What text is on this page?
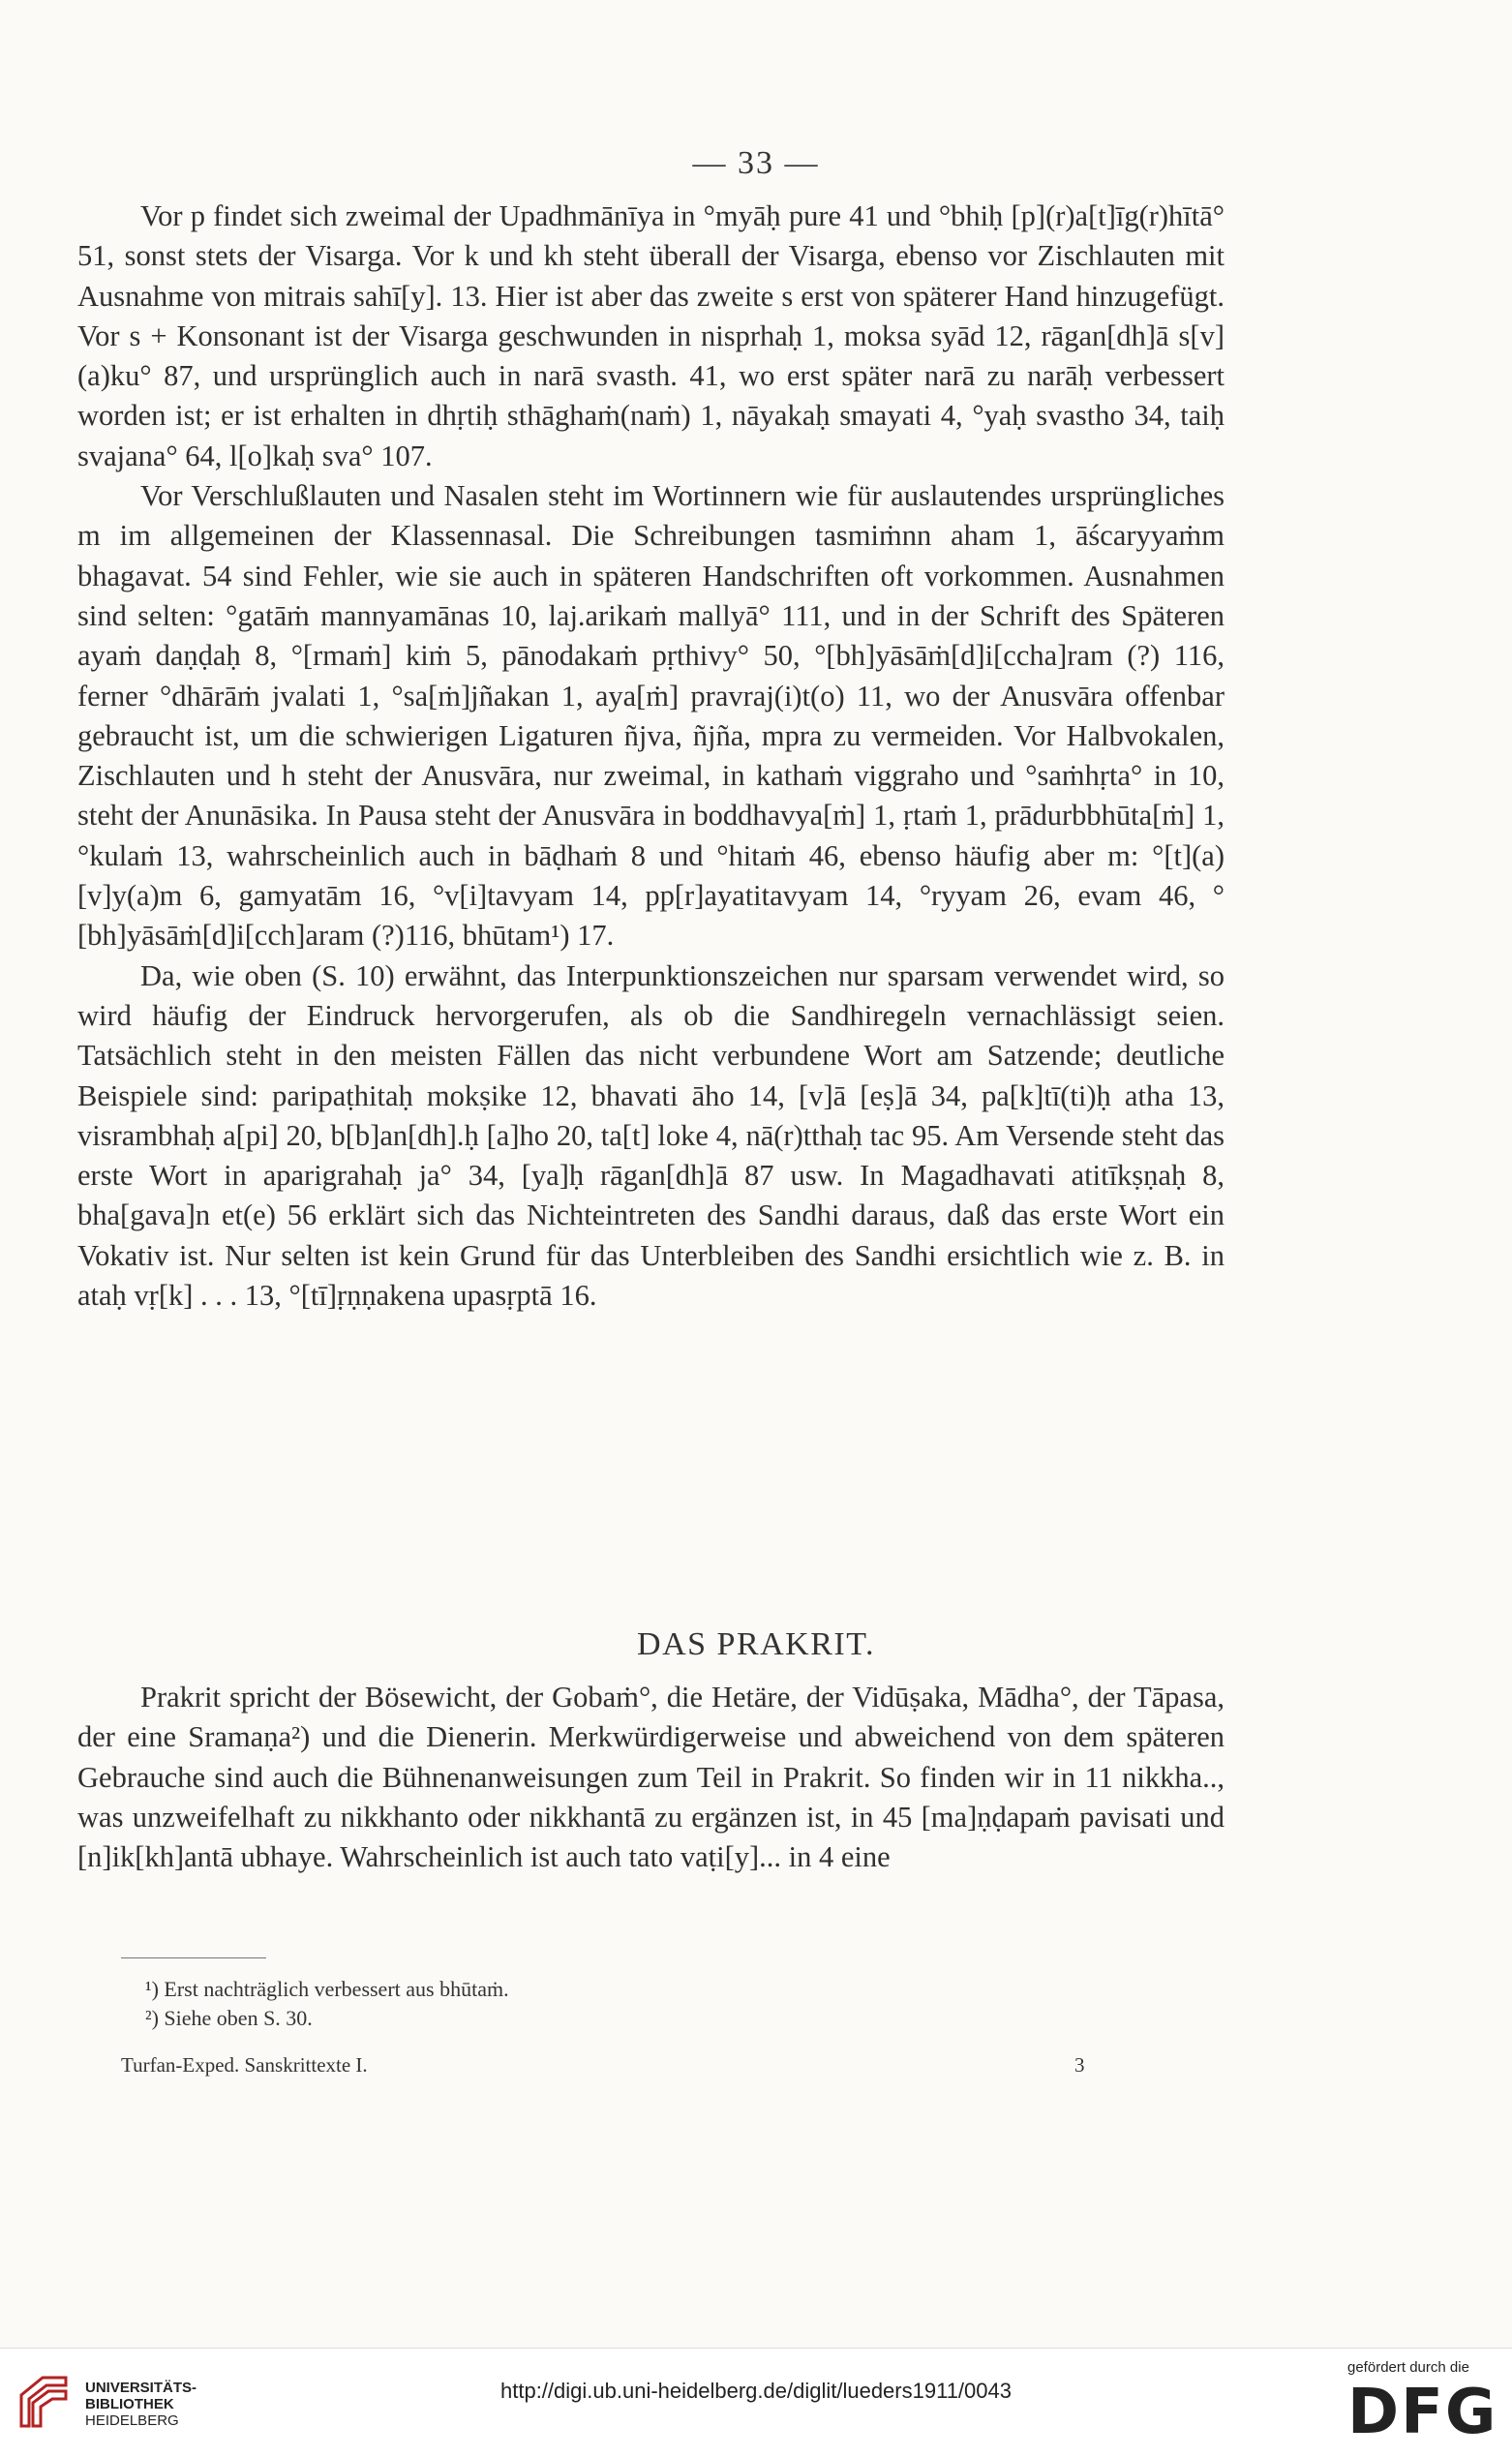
— 33 —

Vor p findet sich zweimal der Upadhmānīya in °myāḥ pure 41 und °bhiḥ [p](r)a[t]īg(r)hītā° 51, sonst stets der Visarga. Vor k und kh steht überall der Visarga, ebenso vor Zischlauten mit Ausnahme von mitrais sahī[y]. 13. Hier ist aber das zweite s erst von späterer Hand hinzugefügt. Vor s + Konsonant ist der Visarga geschwunden in nisprhaḥ 1, moksa syād 12, rāgan[dh]ā s[v](a)ku° 87, und ursprünglich auch in narā svasth. 41, wo erst später narā zu narāḥ verbessert worden ist; er ist erhalten in dhṛtiḥ sthāghaṁ(naṁ) 1, nāyakaḥ smayati 4, °yaḥ svastho 34, taiḥ svajana° 64, l[o]kaḥ sva° 107.

Vor Verschlußlauten und Nasalen steht im Wortinnern wie für auslautendes ursprüngliches m im allgemeinen der Klassennasal. Die Schreibungen tasmiṁnn aham 1, āścaryyaṁm bhagavat. 54 sind Fehler, wie sie auch in späteren Handschriften oft vorkommen. Ausnahmen sind selten: °gatāṁ mannyamānas 10, laj.arikaṁ mallyā° 111, und in der Schrift des Späteren ayaṁ daṇḍaḥ 8, °[rmaṁ] kiṁ 5, pānodakaṁ pṛthivy° 50, °[bh]yāsāṁ[d]i[ccha]ram (?) 116, ferner °dhārāṁ jvalati 1, °sa[ṁ]jñakan 1, aya[ṁ] pravraj(i)t(o) 11, wo der Anusvāra offenbar gebraucht ist, um die schwierigen Ligaturen ñjva, ñjña, mpra zu vermeiden. Vor Halbvokalen, Zischlauten und h steht der Anusvāra, nur zweimal, in kathaṁ viggraho und °saṁhṛta° in 10, steht der Anunāsika. In Pausa steht der Anusvāra in boddhavya[ṁ] 1, ṛtaṁ 1, prādurbbhūta[ṁ] 1, °kulaṁ 13, wahrscheinlich auch in bāḍhaṁ 8 und °hitaṁ 46, ebenso häufig aber m: °[t](a)[v]y(a)m 6, gamyatām 16, °v[i]tavyam 14, pp[r]ayatitavyam 14, °ryyam 26, evam 46, °[bh]yāsāṁ[d]i[cch]aram (?)116, bhūtam¹) 17.

Da, wie oben (S. 10) erwähnt, das Interpunktionszeichen nur sparsam verwendet wird, so wird häufig der Eindruck hervorgerufen, als ob die Sandhiregeln vernachlässigt seien. Tatsächlich steht in den meisten Fällen das nicht verbundene Wort am Satzende; deutliche Beispiele sind: paripaṭhitaḥ mokṣike 12, bhavati āho 14, [v]ā [eṣ]ā 34, pa[k]tī(ti)ḥ atha 13, visrambhaḥ a[pi] 20, b[b]an[dh].ḥ [a]ho 20, ta[t] loke 4, nā(r)tthaḥ tac 95. Am Versende steht das erste Wort in aparigrahaḥ ja° 34, [ya]ḥ rāgan[dh]ā 87 usw. In Magadhavati atitīkṣṇaḥ 8, bha[gava]n et(e) 56 erklärt sich das Nichteintreten des Sandhi daraus, daß das erste Wort ein Vokativ ist. Nur selten ist kein Grund für das Unterbleiben des Sandhi ersichtlich wie z. B. in ataḥ vṛ[k] . . . 13, °[tī]ṛṇṇakena upasṛptā 16.

DAS PRAKRIT.

Prakrit spricht der Bösewicht, der Gobaṁ°, die Hetäre, der Vidūṣaka, Mādha°, der Tāpasa, der eine Sramaṇa²) und die Dienerin. Merkwürdigerweise und abweichend von dem späteren Gebrauche sind auch die Bühnenanweisungen zum Teil in Prakrit. So finden wir in 11 nikkha.., was unzweifelhaft zu nikkhanto oder nikkhantā zu ergänzen ist, in 45 [ma]ṇḍapaṁ pavisati und [n]ik[kh]antā ubhaye. Wahrscheinlich ist auch tato vaṭi[y]... in 4 eine

¹) Erst nachträglich verbessert aus bhūtaṁ.
²) Siehe oben S. 30.
Turfan-Exped. Sanskrittexte I.	3
UNIVERSITÄTS-
BIBLIOTHEK
HEIDELBERG
http://digi.ub.uni-heidelberg.de/diglit/lueders1911/0043
gefördert durch die
DFG
